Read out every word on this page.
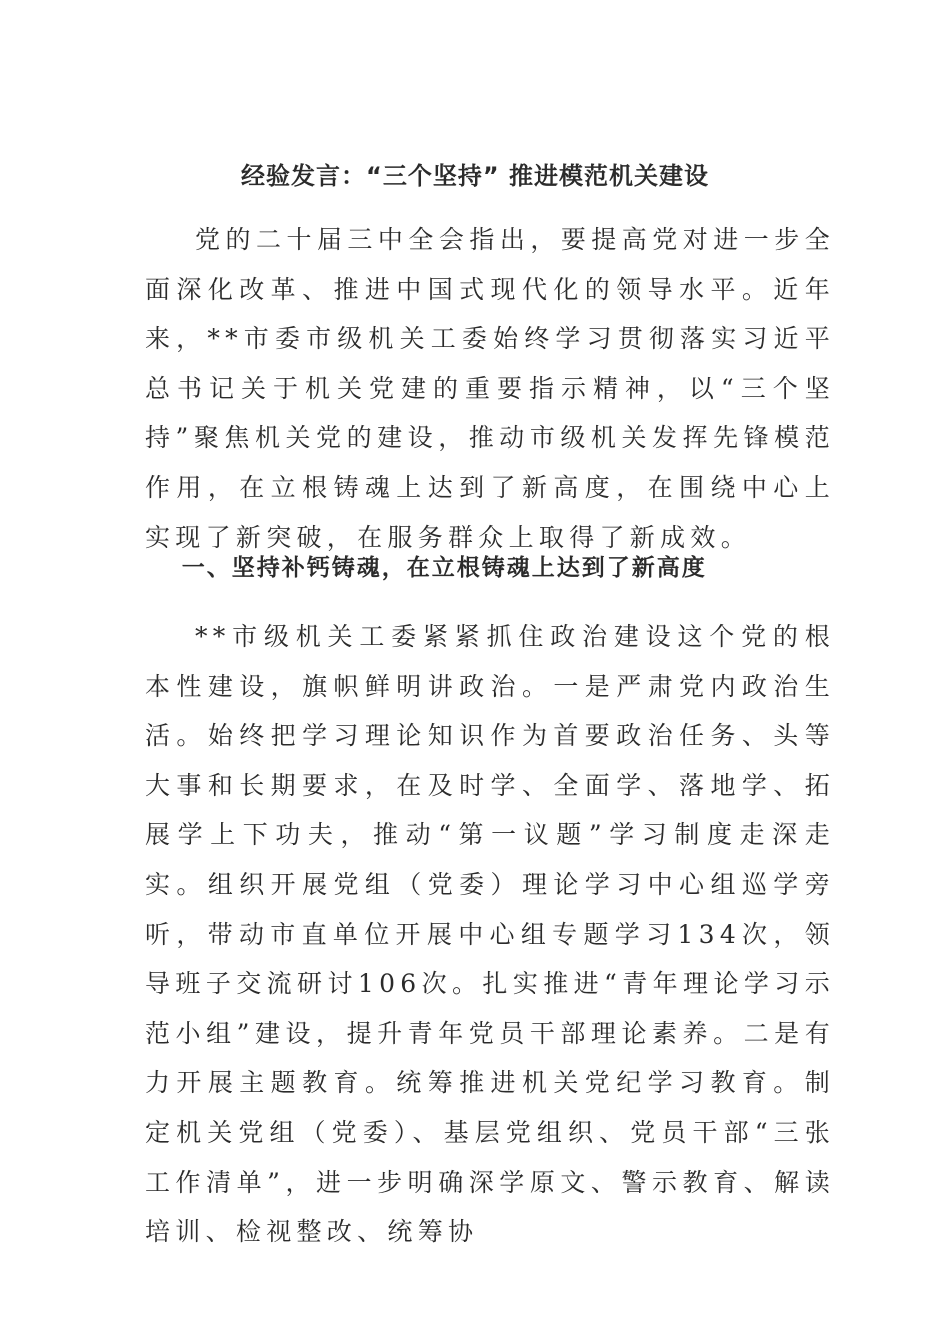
经验发言：“三个坚持” 推进模范机关建设

党的二十届三中全会指出，要提高党对进一步全面深化改革、推进中国式现代化的领导水平。近年来，**市委市级机关工委始终学习贯彻落实习近平总书记关于机关党建的重要指示精神，以“三个坚持”聚焦机关党的建设，推动市级机关发挥先锋模范作用，在立根铸魂上达到了新高度，在围绕中心上实现了新突破，在服务群众上取得了新成效。

一、坚持补钙铸魂，在立根铸魂上达到了新高度

**市级机关工委紧紧抓住政治建设这个党的根本性建设，旗帜鲜明讲政治。一是严肃党内政治生活。始终把学习理论知识作为首要政治任务、头等大事和长期要求，在及时学、全面学、落地学、拓展学上下功夫，推动“第一议题”学习制度走深走实。组织开展党组（党委）理论学习中心组巡学旁听，带动市直单位开展中心组专题学习134次，领导班子交流研讨106次。扎实推进“青年理论学习示范小组”建设，提升青年党员干部理论素养。二是有力开展主题教育。统筹推进机关党纪学习教育。制定机关党组（党委）、基层党组织、党员干部“三张工作清单”，进一步明确深学原文、警示教育、解读培训、检视整改、统筹协
